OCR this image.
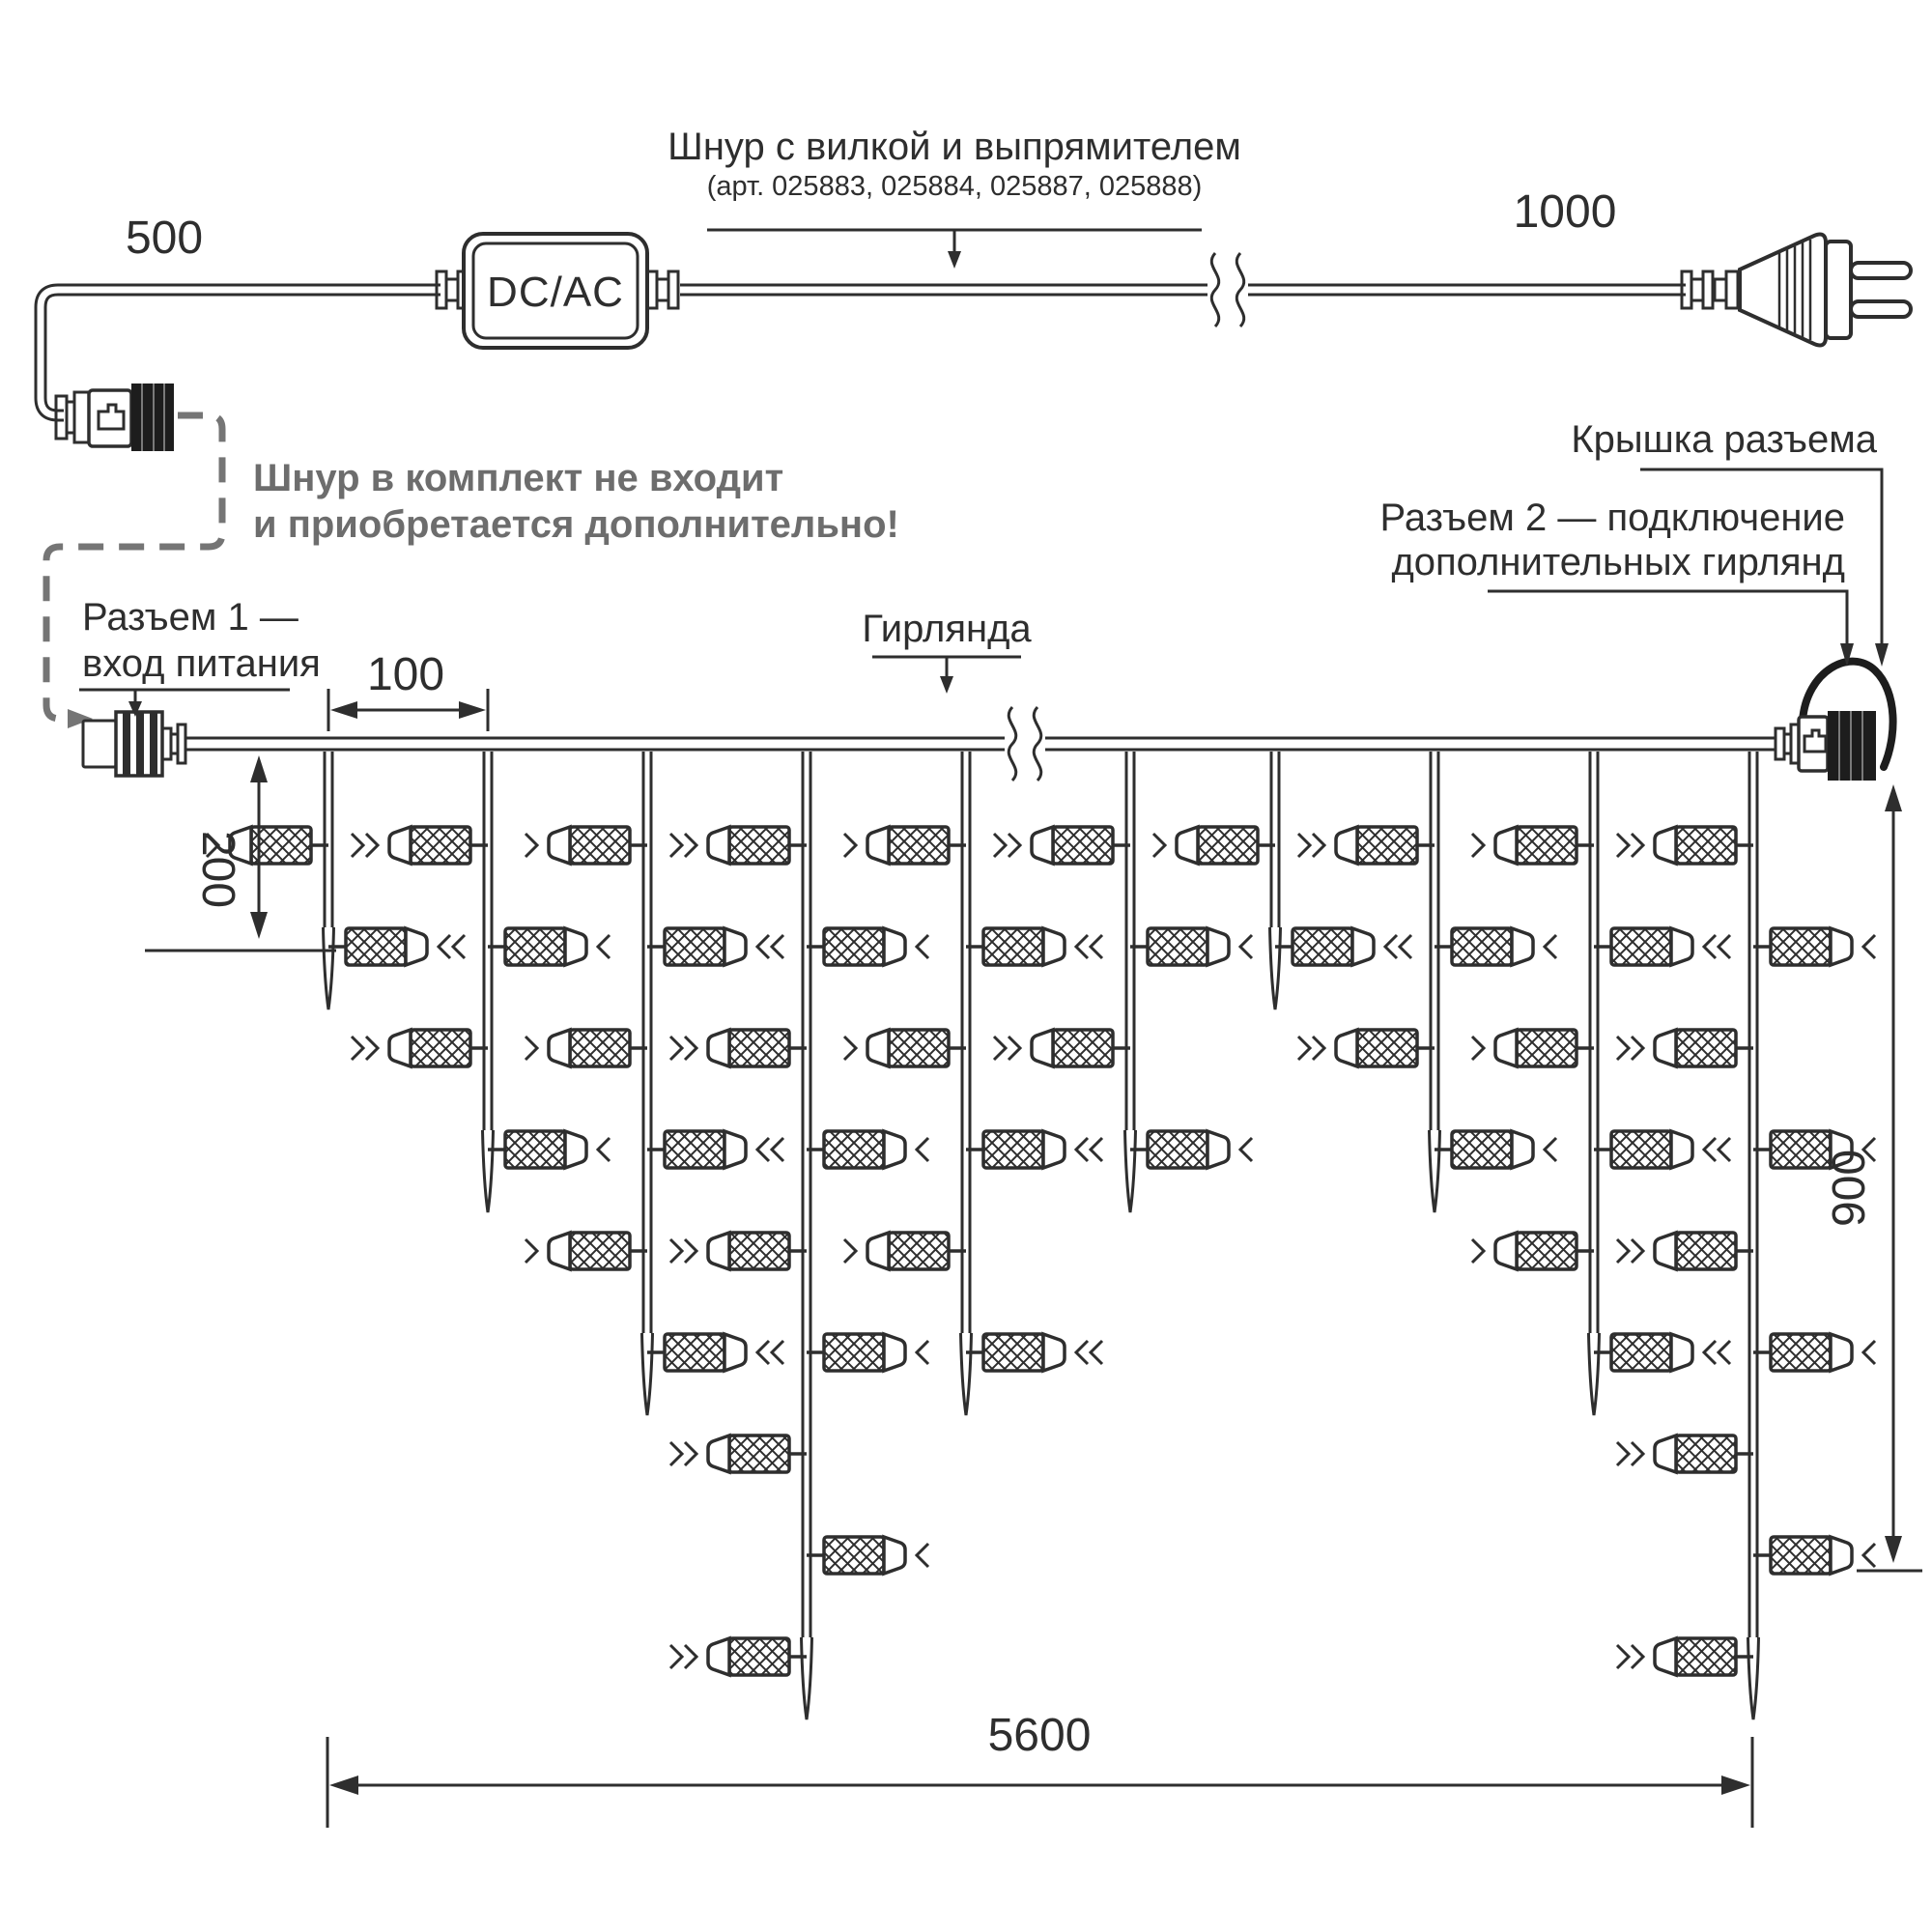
DC/AC
Шнур с вилкой и выпрямителем
(арт. 025883, 025884, 025887, 025888)
500
1000
Шнур в комплект не входит
и приобретается дополнительно!
Разъем 1 —
вход питания
Гирлянда
Крышка разъема
Разъем 2 — подключение
дополнительных гирлянд
100
200
900
5600
